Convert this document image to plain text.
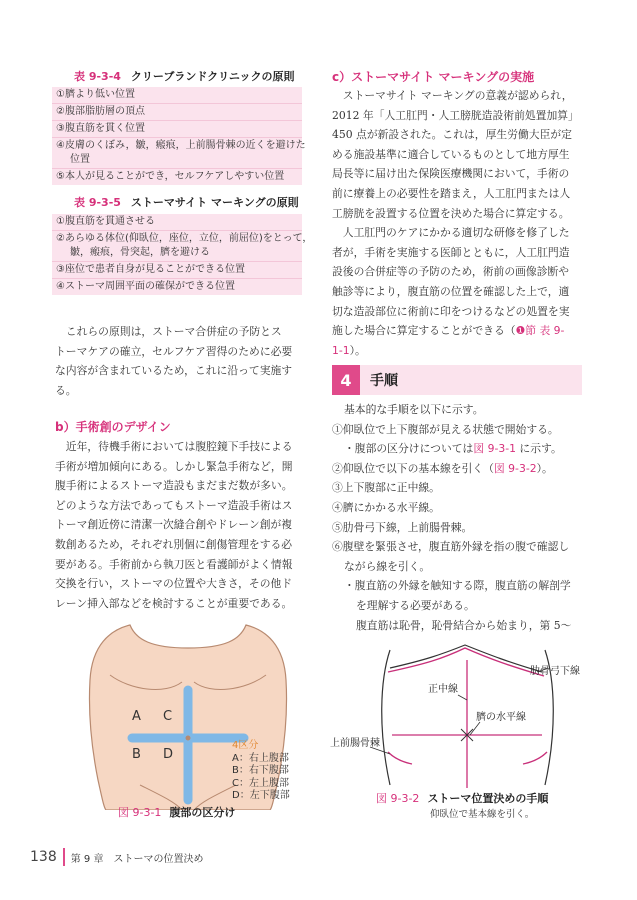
表 9-3-4 クリーブランドクリニックの原則
①臍より低い位置
②腹部脂肪層の頂点
③腹直筋を貫く位置
④皮膚のくぼみ，皺，瘢痕，上前腸骨棘の近くを避けた
位置
⑤本人が見ることができ，セルフケアしやすい位置
表 9-3-5 ストーマサイト マーキングの原則
①腹直筋を貫通させる
②あらゆる体位(仰臥位，座位，立位，前屈位)をとって，
皺，瘢痕，骨突起，臍を避ける
③座位で患者自身が見ることができる位置
④ストーマ周囲平面の確保ができる位置

これらの原則は，ストーマ合併症の予防とス

トーマケアの確立，セルフケア習得のために必要

な内容が含まれているため，これに沿って実施す

る。

b）手術創のデザイン

近年，待機手術においては腹腔鏡下手技による

手術が増加傾向にある。しかし緊急手術など，開

腹手術によるストーマ造設もまだまだ数が多い。

どのような方法であってもストーマ造設手術はス

トーマ創近傍に清潔一次縫合創やドレーン創が複

数創あるため，それぞれ別個に創傷管理をする必

要がある。手術前から執刀医と看護師がよく情報

交換を行い，ストーマの位置や大きさ，その他ド

レーン挿入部などを検討することが重要である。

A C
B D
4区分
A：右上腹部
B：右下腹部
C：左上腹部
D：左下腹部
図 9-3-1 腹部の区分け
c）ストーマサイト マーキングの実施

ストーマサイト マーキングの意義が認められ，

2012 年「人工肛門・人工膀胱造設術前処置加算」

450 点が新設された。これは，厚生労働大臣が定

める施設基準に適合しているものとして地方厚生

局長等に届け出た保険医療機関において，手術の

前に療養上の必要性を踏まえ，人工肛門または人

工膀胱を設置する位置を決めた場合に算定する。

人工肛門のケアにかかる適切な研修を修了した

者が，手術を実施する医師とともに，人工肛門造

設後の合併症等の予防のため，術前の画像診断や

触診等により，腹直筋の位置を確認した上で，適

切な造設部位に術前に印をつけるなどの処置を実

施した場合に算定することができる（❶節 表 9-

1-1）。

4	手順
基本的な手順を以下に示す。
①仰臥位で上下腹部が見える状態で開始する。
・腹部の区分けについては図 9-3-1 に示す。
②仰臥位で以下の基本線を引く（図 9-3-2）。
③上下腹部に正中線。
④臍にかかる水平線。
⑤肋骨弓下線，上前腸骨棘。
⑥腹壁を緊張させ，腹直筋外縁を指の腹で確認し
ながら線を引く。
・腹直筋の外縁を触知する際，腹直筋の解剖学
を理解する必要がある。
腹直筋は恥骨，恥骨結合から始まり，第 5〜
肋骨弓下線
正中線
臍の水平線
上前腸骨棘
図 9-3-2 ストーマ位置決めの手順
仰臥位で基本線を引く。
138 第 9 章　ストーマの位置決め
